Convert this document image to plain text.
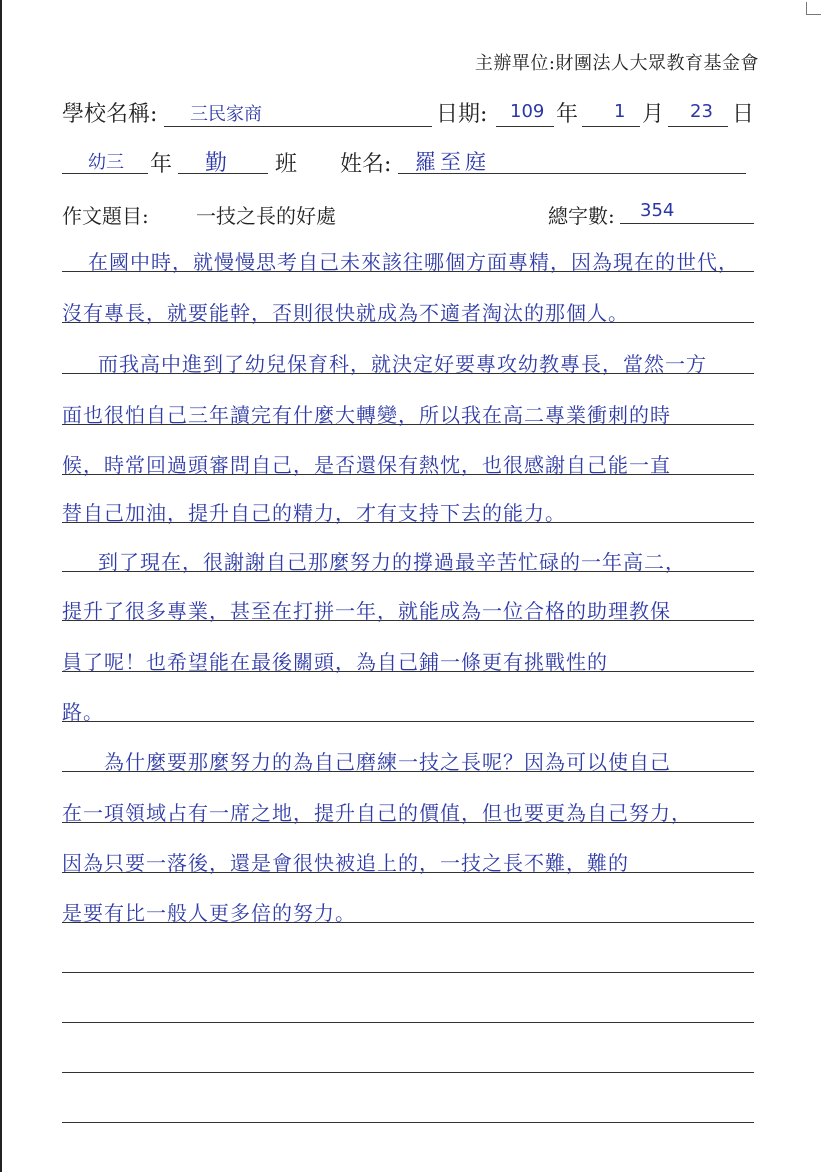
主辦單位:財團法人大眾教育基金會
學校名稱: 三民家商	日期: 109 年 1 月 23 日
幼三 年 勤 班 姓名: 羅至庭
作文題目: 一技之長的好處	總字數: 354
在國中時，就慢慢思考自己未來該往哪個方面專精，因為現在的世代，
沒有專長，就要能幹，否則很快就成為不適者淘汰的那個人。
而我高中進到了幼兒保育科，就決定好要專攻幼教專長，當然一方
面也很怕自己三年讀完有什麼大轉變，所以我在高二專業衝刺的時
候，時常回過頭審問自己，是否還保有熱忱，也很感謝自己能一直
替自己加油，提升自己的精力，才有支持下去的能力。
到了現在，很謝謝自己那麼努力的撐過最辛苦忙碌的一年高二，
提升了很多專業，甚至在打拼一年，就能成為一位合格的助理教保
員了呢！也希望能在最後關頭，為自己鋪一條更有挑戰性的
路。
為什麼要那麼努力的為自己磨練一技之長呢？因為可以使自己
在一項領域占有一席之地，提升自己的價值，但也要更為自己努力，
因為只要一落後，還是會很快被追上的，一技之長不難，難的
是要有比一般人更多倍的努力。
